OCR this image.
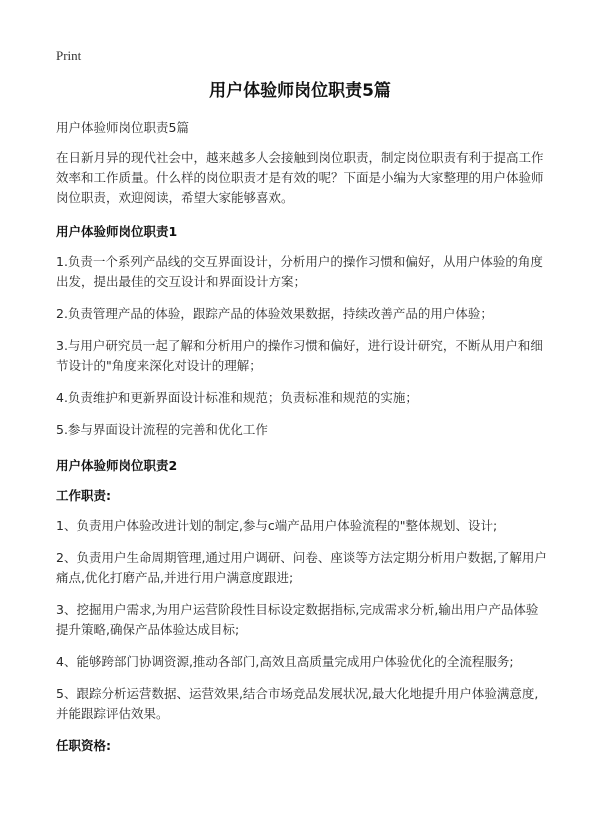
Print
用户体验师岗位职责5篇

用户体验师岗位职责5篇

在日新月异的现代社会中，越来越多人会接触到岗位职责，制定岗位职责有利于提高工作效率和工作质量。什么样的岗位职责才是有效的呢？下面是小编为大家整理的用户体验师岗位职责，欢迎阅读，希望大家能够喜欢。

用户体验师岗位职责1

1.负责一个系列产品线的交互界面设计，分析用户的操作习惯和偏好，从用户体验的角度出发，提出最佳的交互设计和界面设计方案；

2.负责管理产品的体验，跟踪产品的体验效果数据，持续改善产品的用户体验；

3.与用户研究员一起了解和分析用户的操作习惯和偏好，进行设计研究，不断从用户和细节设计的"角度来深化对设计的理解；

4.负责维护和更新界面设计标准和规范；负责标准和规范的实施；

5.参与界面设计流程的完善和优化工作

用户体验师岗位职责2
工作职责:

1、负责用户体验改进计划的制定,参与c端产品用户体验流程的"整体规划、设计;

2、负责用户生命周期管理,通过用户调研、问卷、座谈等方法定期分析用户数据,了解用户痛点,优化打磨产品,并进行用户满意度跟进;

3、挖掘用户需求,为用户运营阶段性目标设定数据指标,完成需求分析,输出用户产品体验提升策略,确保产品体验达成目标;

4、能够跨部门协调资源,推动各部门,高效且高质量完成用户体验优化的全流程服务;

5、跟踪分析运营数据、运营效果,结合市场竞品发展状况,最大化地提升用户体验满意度,并能跟踪评估效果。

任职资格:
